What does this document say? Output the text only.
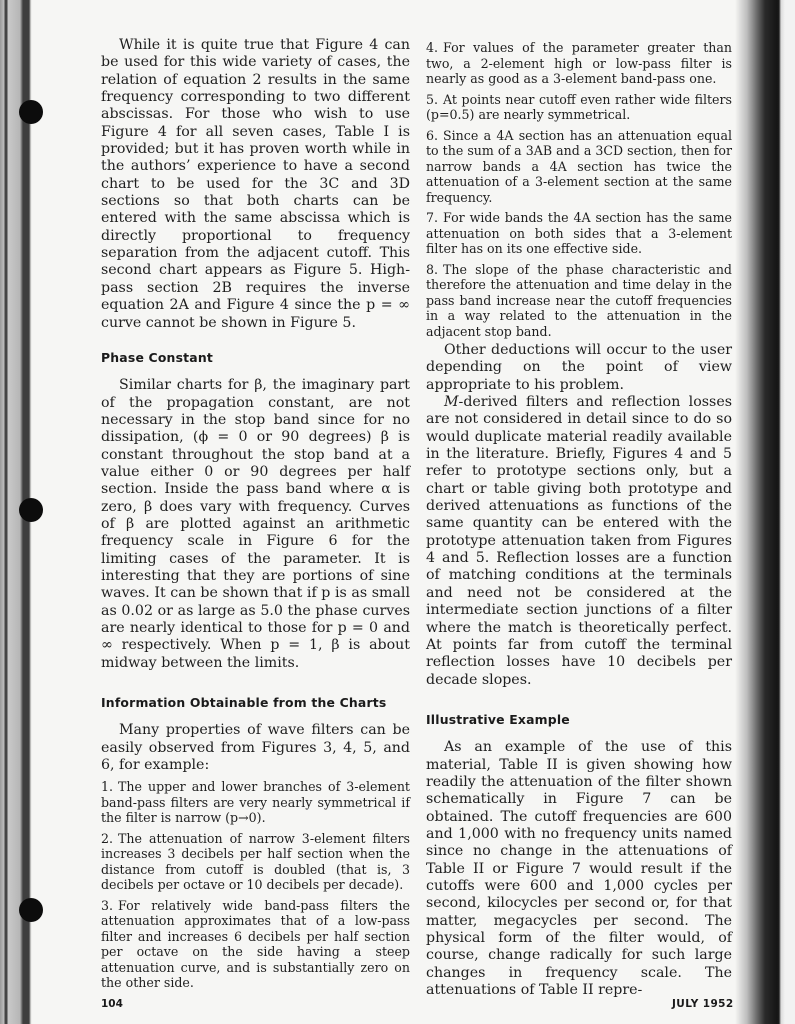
While it is quite true that Figure 4 can be used for this wide variety of cases, the relation of equation 2 results in the same frequency corresponding to two different abscissas. For those who wish to use Figure 4 for all seven cases, Table I is provided; but it has proven worth while in the authors’ experience to have a second chart to be used for the 3C and 3D sections so that both charts can be entered with the same abscissa which is directly proportional to frequency separation from the adjacent cutoff. This second chart appears as Figure 5. High-pass section 2B requires the inverse equation 2A and Figure 4 since the p = ∞ curve cannot be shown in Figure 5.

Phase Constant

Similar charts for β, the imaginary part of the propagation constant, are not necessary in the stop band since for no dissipation, (ϕ = 0 or 90 degrees) β is constant throughout the stop band at a value either 0 or 90 degrees per half section. Inside the pass band where α is zero, β does vary with frequency. Curves of β are plotted against an arithmetic frequency scale in Figure 6 for the limiting cases of the parameter. It is interesting that they are portions of sine waves. It can be shown that if p is as small as 0.02 or as large as 5.0 the phase curves are nearly identical to those for p = 0 and ∞ respectively. When p = 1, β is about midway between the limits.

Information Obtainable from the Charts

Many properties of wave filters can be easily observed from Figures 3, 4, 5, and 6, for example:

1. The upper and lower branches of 3-element band-pass filters are very nearly symmetrical if the filter is narrow (p→0).

2. The attenuation of narrow 3-element filters increases 3 decibels per half section when the distance from cutoff is doubled (that is, 3 decibels per octave or 10 decibels per decade).

3. For relatively wide band-pass filters the attenuation approximates that of a low-pass filter and increases 6 decibels per half section per octave on the side having a steep attenuation curve, and is substantially zero on the other side.

4. For values of the parameter greater than two, a 2-element high or low-pass filter is nearly as good as a 3-element band-pass one.

5. At points near cutoff even rather wide filters (p=0.5) are nearly symmetrical.

6. Since a 4A section has an attenuation equal to the sum of a 3AB and a 3CD section, then for narrow bands a 4A section has twice the attenuation of a 3-element section at the same frequency.

7. For wide bands the 4A section has the same attenuation on both sides that a 3-element filter has on its one effective side.

8. The slope of the phase characteristic and therefore the attenuation and time delay in the pass band increase near the cutoff frequencies in a way related to the attenuation in the adjacent stop band.

Other deductions will occur to the user depending on the point of view appropriate to his problem.

M-derived filters and reflection losses are not considered in detail since to do so would duplicate material readily available in the literature. Briefly, Figures 4 and 5 refer to prototype sections only, but a chart or table giving both prototype and derived attenuations as functions of the same quantity can be entered with the prototype attenuation taken from Figures 4 and 5. Reflection losses are a function of matching conditions at the terminals and need not be considered at the intermediate section junctions of a filter where the match is theoretically perfect. At points far from cutoff the terminal reflection losses have 10 decibels per decade slopes.

Illustrative Example

As an example of the use of this material, Table II is given showing how readily the attenuation of the filter shown schematically in Figure 7 can be obtained. The cutoff frequencies are 600 and 1,000 with no frequency units named since no change in the attenuations of Table II or Figure 7 would result if the cutoffs were 600 and 1,000 cycles per second, kilocycles per second or, for that matter, megacycles per second. The physical form of the filter would, of course, change radically for such large changes in frequency scale. The attenuations of Table II repre-

104	JULY 1952
